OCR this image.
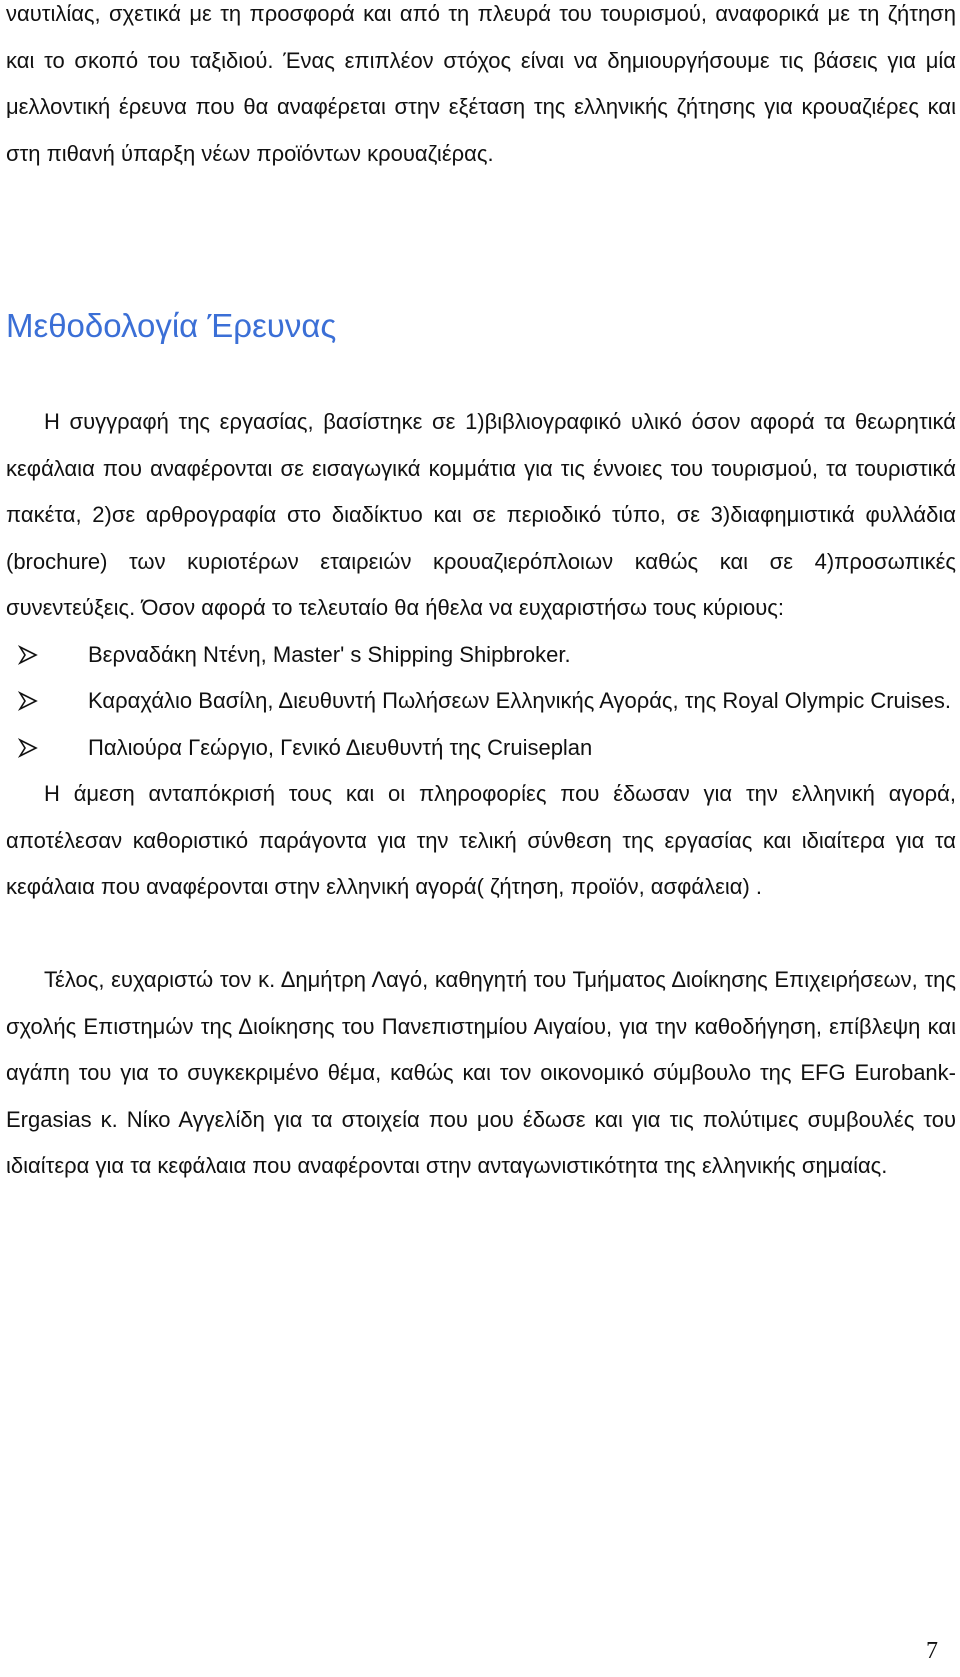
ναυτιλίας, σχετικά με τη προσφορά και από τη πλευρά του τουρισμού, αναφορικά με τη ζήτηση και το σκοπό του ταξιδιού. Ένας επιπλέον στόχος είναι να δημιουργήσουμε τις βάσεις για μία μελλοντική έρευνα που θα αναφέρεται στην εξέταση της ελληνικής ζήτησης για κρουαζιέρες και στη πιθανή ύπαρξη νέων προϊόντων κρουαζιέρας.

Μεθοδολογία Έρευνας

Η συγγραφή της εργασίας, βασίστηκε σε 1)βιβλιογραφικό υλικό όσον αφορά τα θεωρητικά κεφάλαια που αναφέρονται σε εισαγωγικά κομμάτια για τις έννοιες του τουρισμού, τα τουριστικά πακέτα, 2)σε αρθρογραφία στο διαδίκτυο και σε περιοδικό τύπο, σε 3)διαφημιστικά φυλλάδια (brochure) των κυριοτέρων εταιρειών κρουαζιερόπλοιων καθώς και σε 4)προσωπικές συνεντεύξεις. Όσον αφορά το τελευταίο θα ήθελα να ευχαριστήσω τους κύριους:

Βερναδάκη Ντένη, Master' s Shipping Shipbroker.
Καραχάλιο Βασίλη, Διευθυντή Πωλήσεων Ελληνικής Αγοράς, της Royal Olympic Cruises.
Παλιούρα Γεώργιο, Γενικό Διευθυντή της Cruiseplan

Η άμεση ανταπόκρισή τους και οι πληροφορίες που έδωσαν για την ελληνική αγορά, αποτέλεσαν καθοριστικό παράγοντα για την τελική σύνθεση της εργασίας και ιδιαίτερα για τα κεφάλαια που αναφέρονται στην ελληνική αγορά( ζήτηση, προϊόν, ασφάλεια) .

Τέλος, ευχαριστώ τον κ. Δημήτρη Λαγό, καθηγητή του Τμήματος Διοίκησης Επιχειρήσεων, της σχολής Επιστημών της Διοίκησης του Πανεπιστημίου Αιγαίου, για την καθοδήγηση, επίβλεψη και αγάπη του για το συγκεκριμένο θέμα, καθώς και τον οικονομικό σύμβουλο της EFG Eurobank-Ergasias κ. Νίκο Αγγελίδη για τα στοιχεία που μου έδωσε και για τις πολύτιμες συμβουλές του ιδιαίτερα για τα κεφάλαια που αναφέρονται στην ανταγωνιστικότητα της ελληνικής σημαίας.

7
